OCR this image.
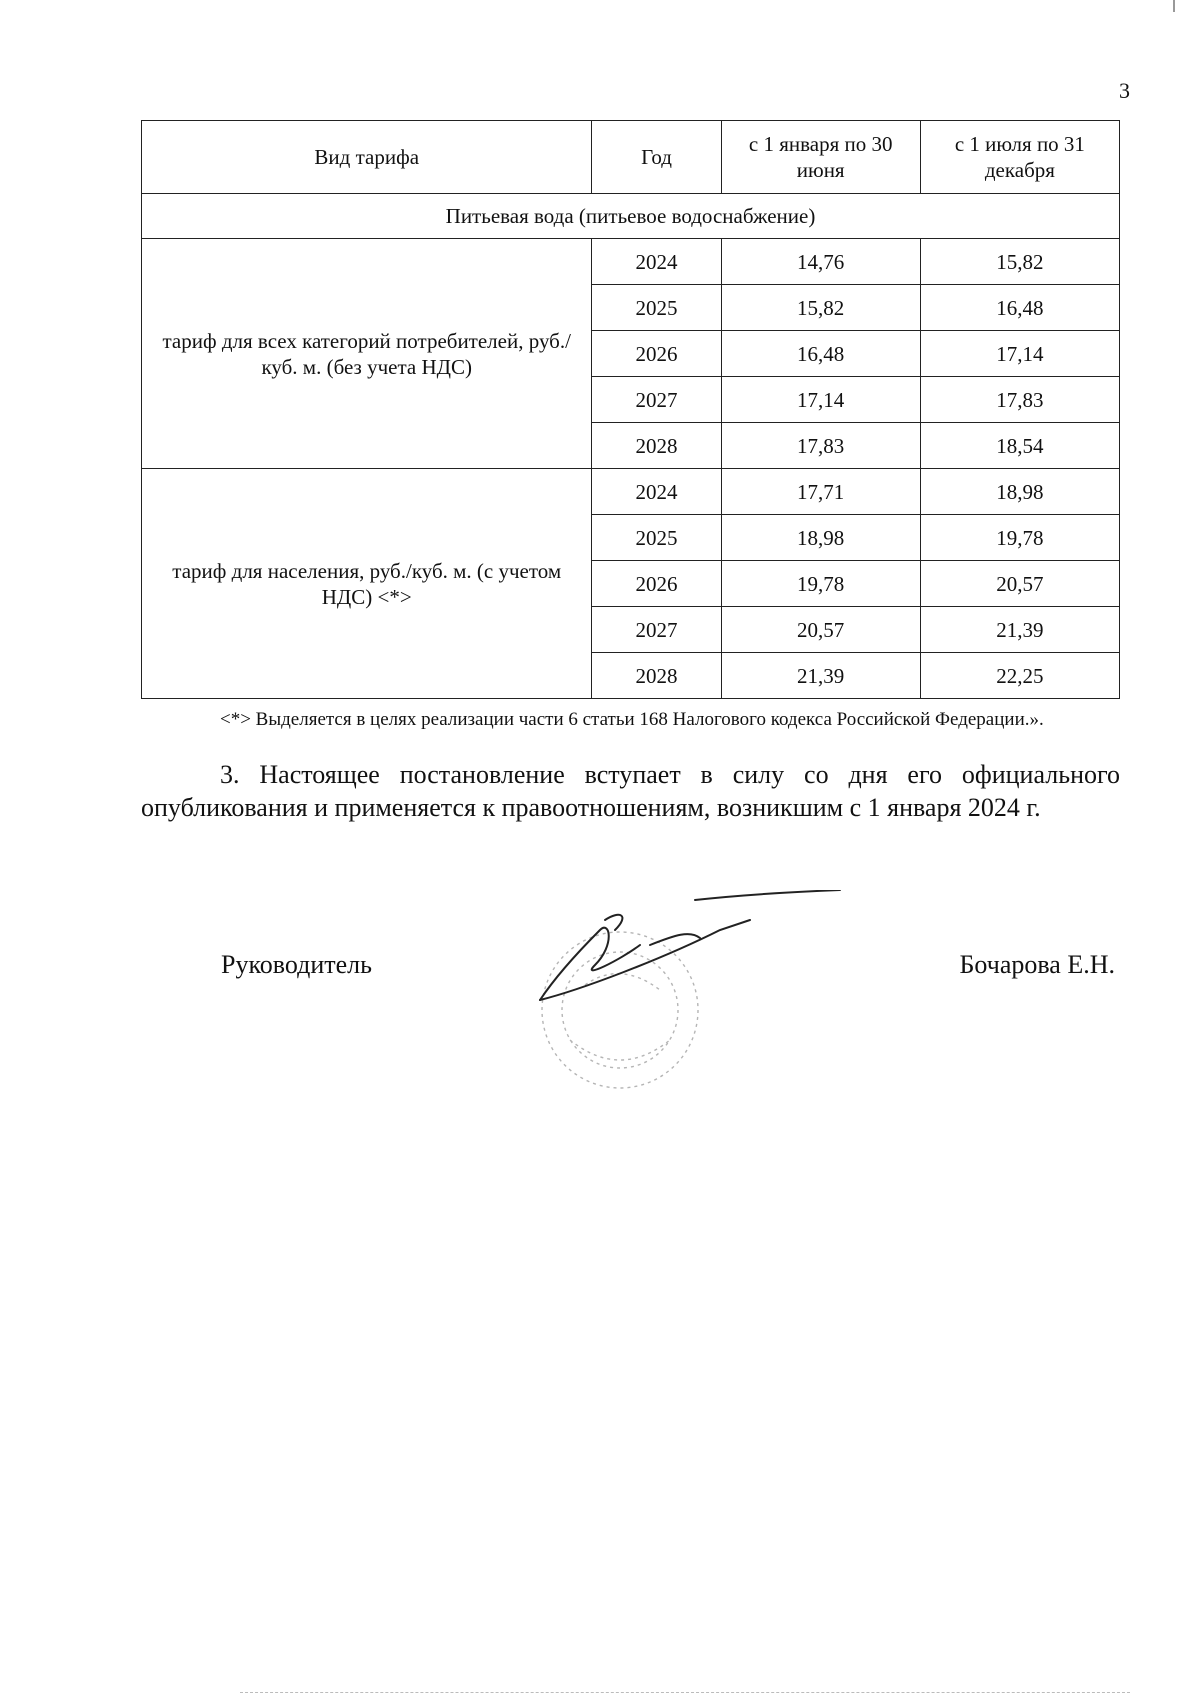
3
Вид тарифа	Год	с 1 января по 30 июня	с 1 июля по 31 декабря
Питьевая вода (питьевое водоснабжение)			
тариф для всех категорий потребителей, руб./куб. м. (без учета НДС)	2024	14,76	15,82
	2025	15,82	16,48
	2026	16,48	17,14
	2027	17,14	17,83
	2028	17,83	18,54
тариф для населения, руб./куб. м. (с учетом НДС) <*>	2024	17,71	18,98
	2025	18,98	19,78
	2026	19,78	20,57
	2027	20,57	21,39
	2028	21,39	22,25
<*> Выделяется в целях реализации части 6 статьи 168 Налогового кодекса Российской Федерации.».
3. Настоящее постановление вступает в силу со дня его официального опубликования и применяется к правоотношениям, возникшим с 1 января 2024 г.
Руководитель	Бочарова Е.Н.
